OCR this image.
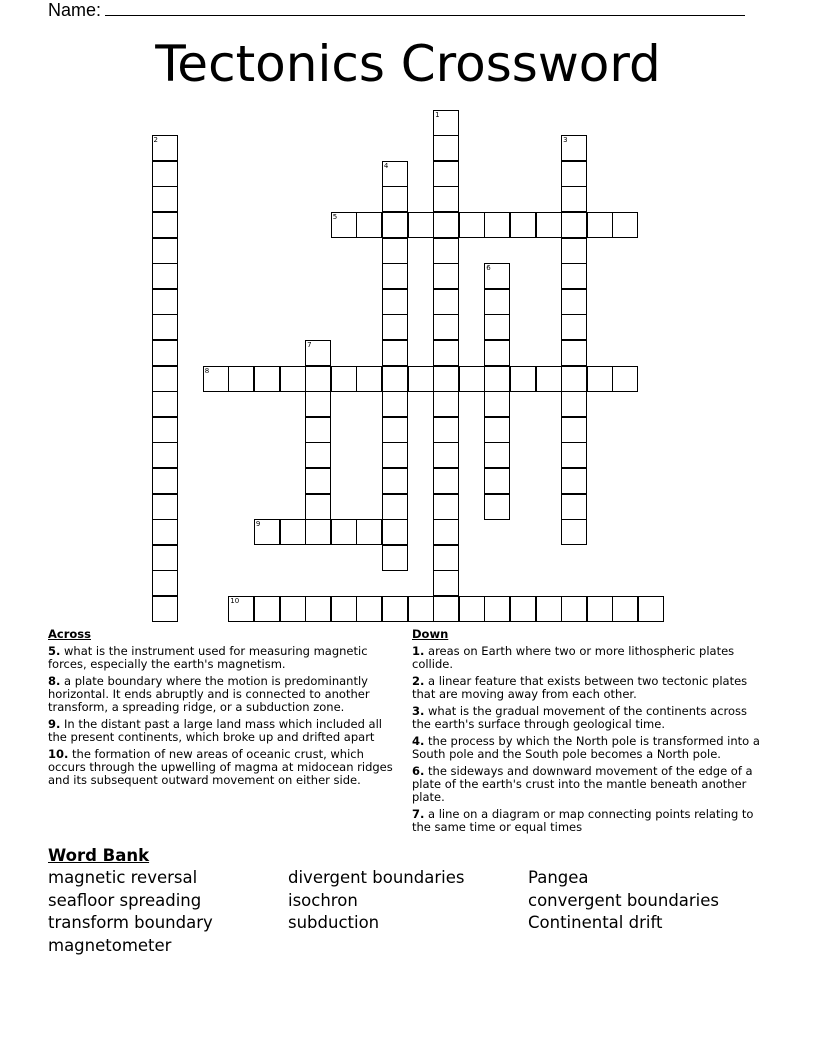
Name:
Tectonics Crossword
1
2	3
4
5
6
7
8
9
10
Across
5. what is the instrument used for measuring magnetic forces, especially the earth's magnetism.
8. a plate boundary where the motion is predominantly horizontal. It ends abruptly and is connected to another transform, a spreading ridge, or a subduction zone.
9. In the distant past a large land mass which included all the present continents, which broke up and drifted apart
10. the formation of new areas of oceanic crust, which occurs through the upwelling of magma at midocean ridges and its subsequent outward movement on either side.
Down
1. areas on Earth where two or more lithospheric plates collide.
2. a linear feature that exists between two tectonic plates that are moving away from each other.
3. what is the gradual movement of the continents across the earth's surface through geological time.
4. the process by which the North pole is transformed into a South pole and the South pole becomes a North pole.
6. the sideways and downward movement of the edge of a plate of the earth's crust into the mantle beneath another plate.
7. a line on a diagram or map connecting points relating to the same time or equal times
Word Bank
magnetic reversal	divergent boundaries	Pangea
seafloor spreading	isochron	convergent boundaries
transform boundary	subduction	Continental drift
magnetometer
